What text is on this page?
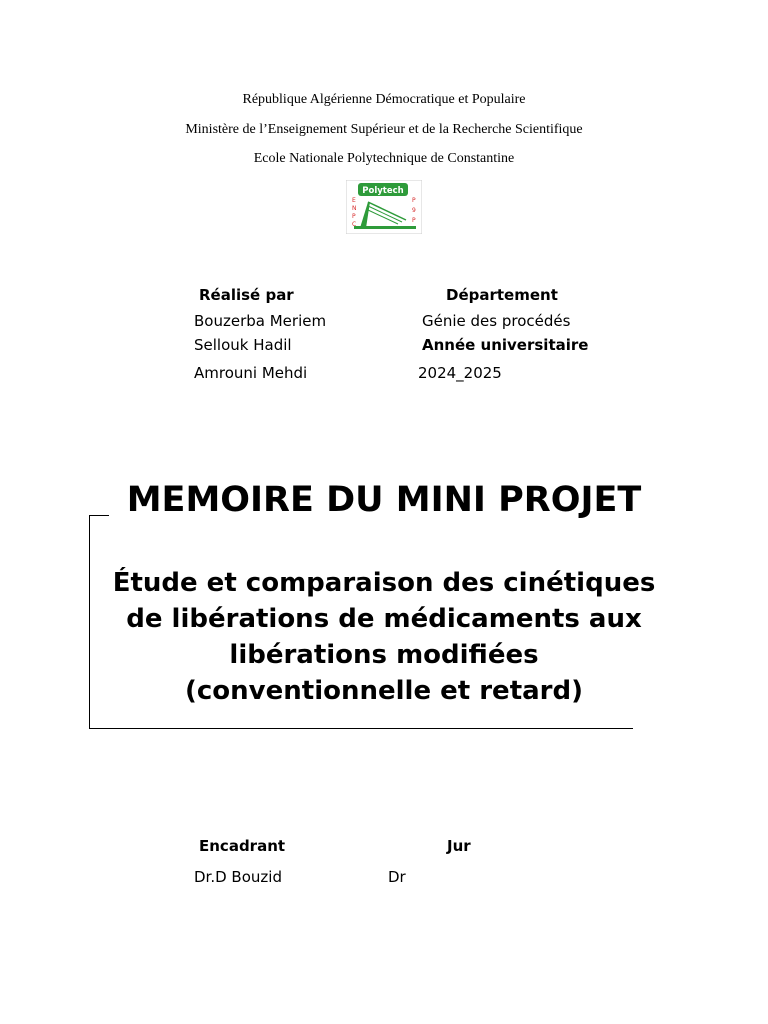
République Algérienne Démocratique et Populaire
Ministère de l’Enseignement Supérieur et de la Recherche Scientifique
Ecole Nationale Polytechnique de Constantine
Polytech
E
N
P
C
P
9
P
Réalisé par
Bouzerba Meriem
Sellouk Hadil
Amrouni Mehdi
Département
Génie des procédés
Année universitaire
2024_2025
MEMOIRE DU MINI PROJET
Étude et comparaison des cinétiques
de libérations de médicaments aux
libérations modifiées
(conventionnelle et retard)
Encadrant
Dr.D Bouzid
Jur
Dr
